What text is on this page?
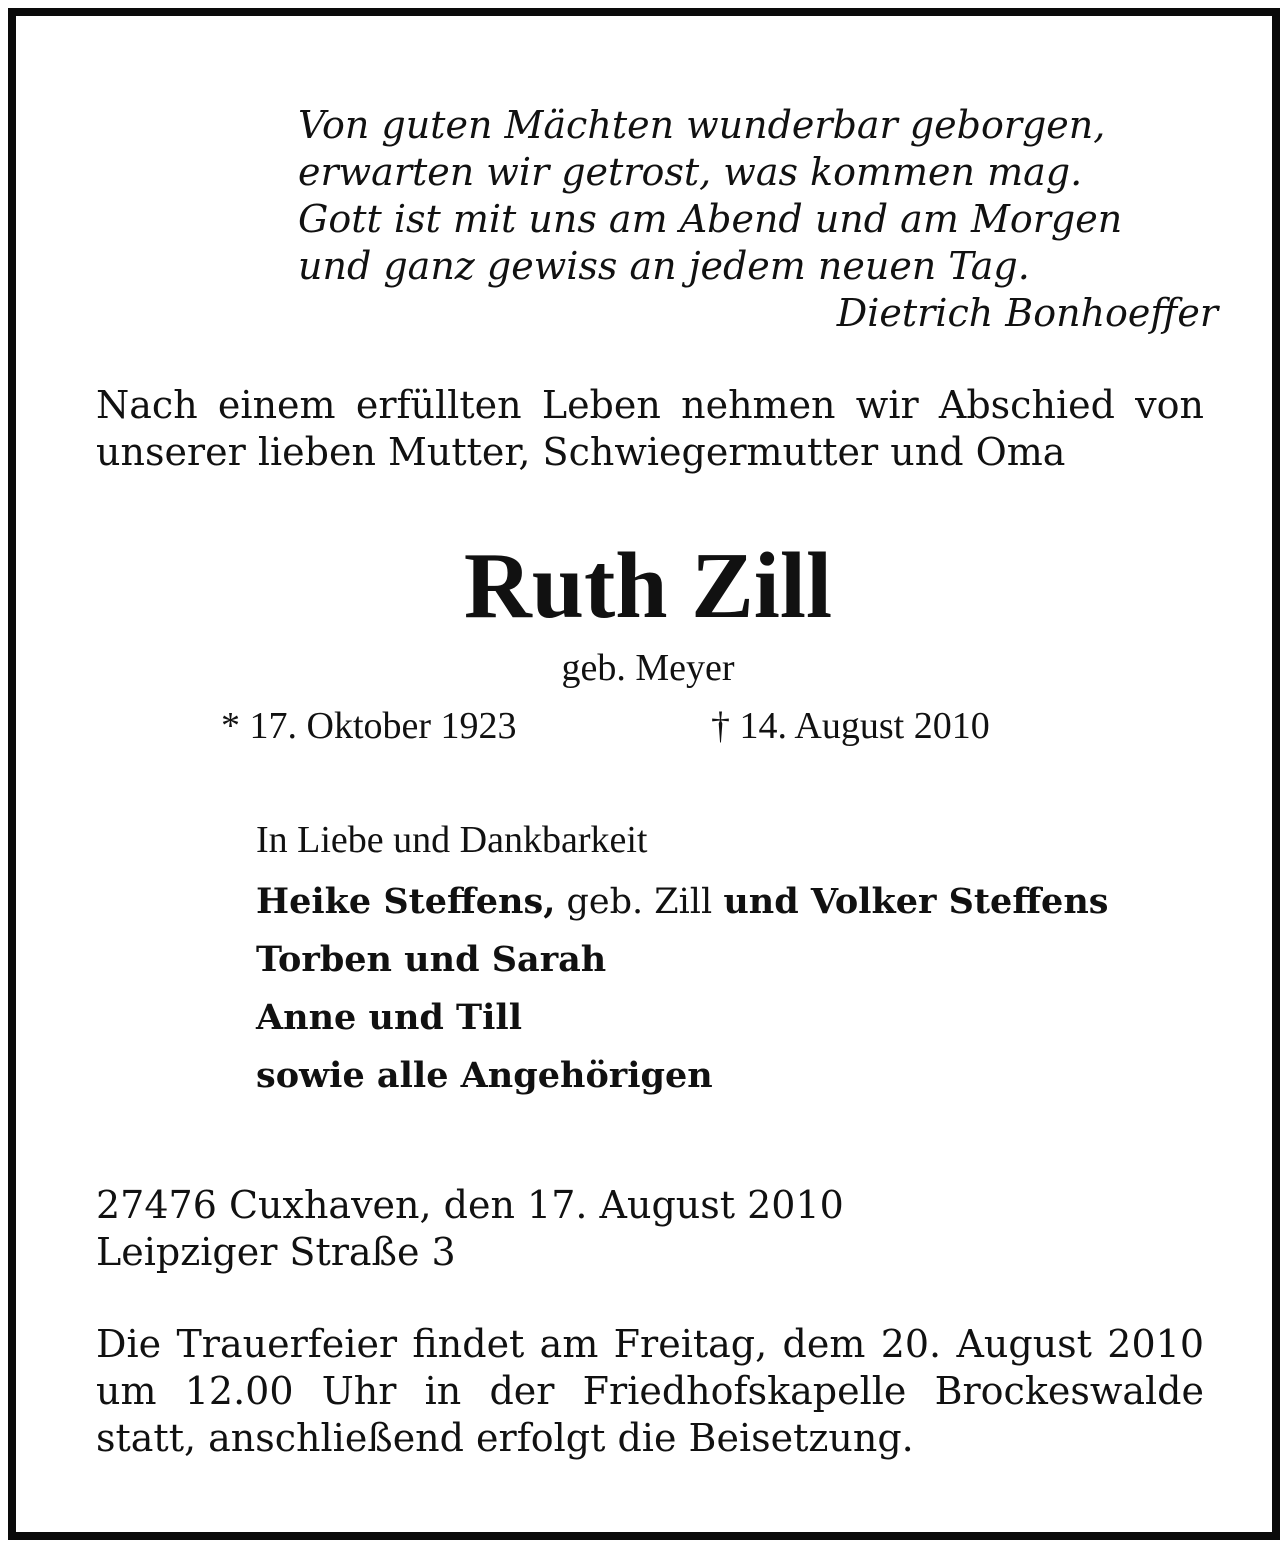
Von guten Mächten wunderbar geborgen,
erwarten wir getrost, was kommen mag.
Gott ist mit uns am Abend und am Morgen
und ganz gewiss an jedem neuen Tag.
Dietrich Bonhoeffer
Nach einem erfüllten Leben nehmen wir Abschied von unserer lieben Mutter, Schwiegermutter und Oma
Ruth Zill
geb. Meyer
* 17. Oktober 1923	† 14. August 2010
In Liebe und Dankbarkeit
Heike Steffens, geb. Zill und Volker Steffens
Torben und Sarah
Anne und Till
sowie alle Angehörigen
27476 Cuxhaven, den 17. August 2010
Leipziger Straße 3
Die Trauerfeier findet am Freitag, dem 20. August 2010 um 12.00 Uhr in der Friedhofskapelle Brockeswalde statt, anschließend erfolgt die Beisetzung.
